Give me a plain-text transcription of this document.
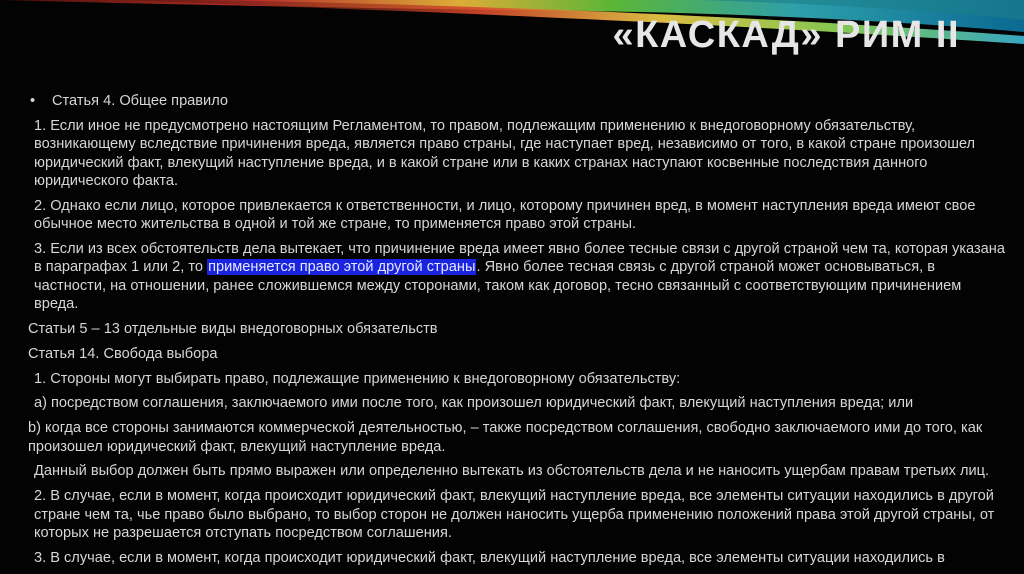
«КАСКАД» РИМ II

• Статья 4. Общее правило

1. Если иное не предусмотрено настоящим Регламентом, то правом, подлежащим применению к внедоговорному обязательству, возникающему вследствие причинения вреда, является право страны, где наступает вред, независимо от того, в какой стране произошел юридический факт, влекущий наступление вреда, и в какой стране или в каких странах наступают косвенные последствия данного юридического факта.

2. Однако если лицо, которое привлекается к ответственности, и лицо, которому причинен вред, в момент наступления вреда имеют свое обычное место жительства в одной и той же стране, то применяется право этой страны.

3. Если из всех обстоятельств дела вытекает, что причинение вреда имеет явно более тесные связи с другой страной чем та, которая указана в параграфах 1 или 2, то применяется право этой другой страны. Явно более тесная связь с другой страной может основываться, в частности, на отношении, ранее сложившемся между сторонами, таком как договор, тесно связанный с соответствующим причинением вреда.

Статьи 5 – 13 отдельные виды внедоговорных обязательств

Статья 14. Свобода выбора

1. Стороны могут выбирать право, подлежащие применению к внедоговорному обязательству:

a) посредством соглашения, заключаемого ими после того, как произошел юридический факт, влекущий наступления вреда; или

b) когда все стороны занимаются коммерческой деятельностью, – также посредством соглашения, свободно заключаемого ими до того, как произошел юридический факт, влекущий наступление вреда.

Данный выбор должен быть прямо выражен или определенно вытекать из обстоятельств дела и не наносить ущербам правам третьих лиц.

2. В случае, если в момент, когда происходит юридический факт, влекущий наступление вреда, все элементы ситуации находились в другой стране чем та, чье право было выбрано, то выбор сторон не должен наносить ущерба применению положений права этой другой страны, от которых не разрешается отступать посредством соглашения.

3. В случае, если в момент, когда происходит юридический факт, влекущий наступление вреда, все элементы ситуации находились в
